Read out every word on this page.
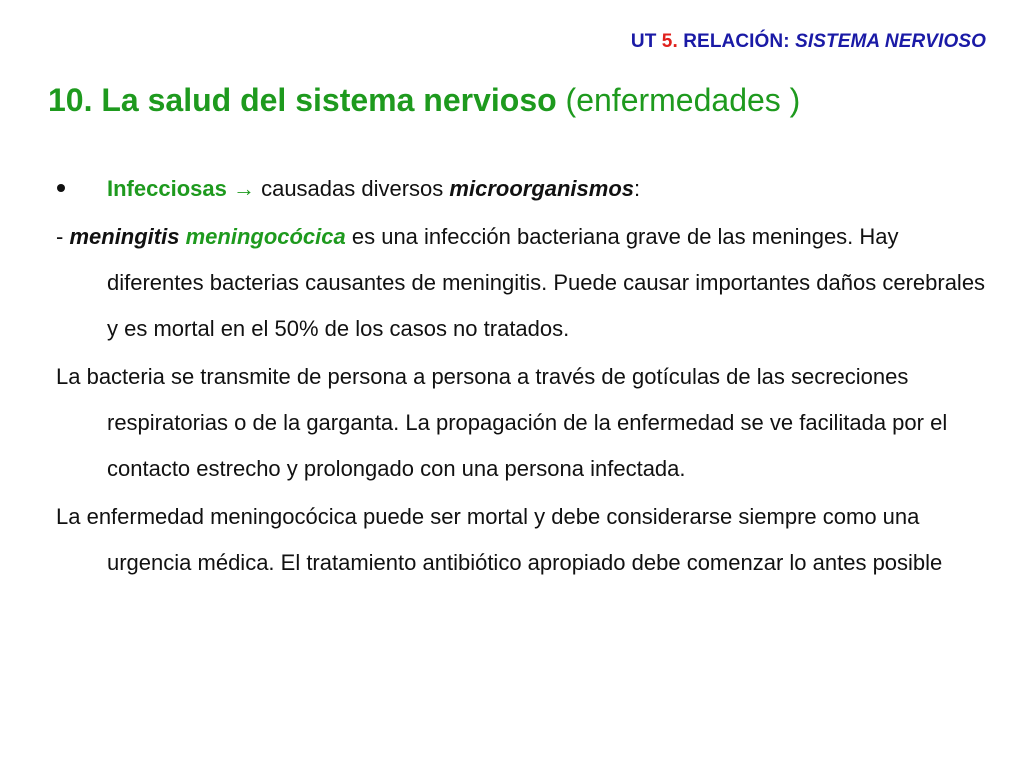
UT 5. RELACIÓN: SISTEMA NERVIOSO
10. La salud del sistema nervioso (enfermedades )
Infecciosas → causadas diversos microorganismos:

- meningitis meningocócica es una infección bacteriana grave de las meninges. Hay diferentes bacterias causantes de meningitis. Puede causar importantes daños cerebrales y es mortal en el 50% de los casos no tratados.

La bacteria se transmite de persona a persona a través de gotículas de las secreciones respiratorias o de la garganta. La propagación de la enfermedad se ve facilitada por el contacto estrecho y prolongado con una persona infectada.

La enfermedad meningocócica puede ser mortal y debe considerarse siempre como una urgencia médica. El tratamiento antibiótico apropiado debe comenzar lo antes posible
